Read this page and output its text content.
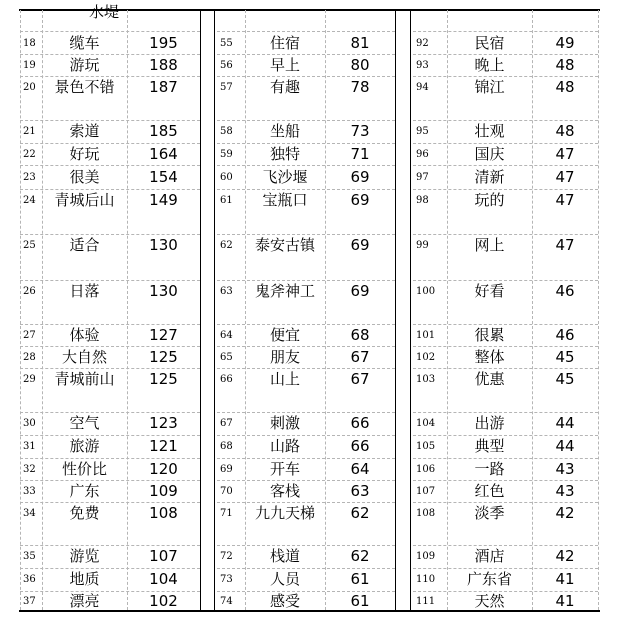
水堤
18	缆车	195
19	游玩	188
20	景色不错	187
21	索道	185
22	好玩	164
23	很美	154
24	青城后山	149
25	适合	130
26	日落	130
27	体验	127
28	大自然	125
29	青城前山	125
30	空气	123
31	旅游	121
32	性价比	120
33	广东	109
34	免费	108
35	游览	107
36	地质	104
37	漂亮	102
55	住宿	81
56	早上	80
57	有趣	78
58	坐船	73
59	独特	71
60	飞沙堰	69
61	宝瓶口	69
62	泰安古镇	69
63	鬼斧神工	69
64	便宜	68
65	朋友	67
66	山上	67
67	刺激	66
68	山路	66
69	开车	64
70	客栈	63
71	九九天梯	62
72	栈道	62
73	人员	61
74	感受	61
92	民宿	49
93	晚上	48
94	锦江	48
95	壮观	48
96	国庆	47
97	清新	47
98	玩的	47
99	网上	47
100	好看	46
101	很累	46
102	整体	45
103	优惠	45
104	出游	44
105	典型	44
106	一路	43
107	红色	43
108	淡季	42
109	酒店	42
110	广东省	41
111	天然	41
